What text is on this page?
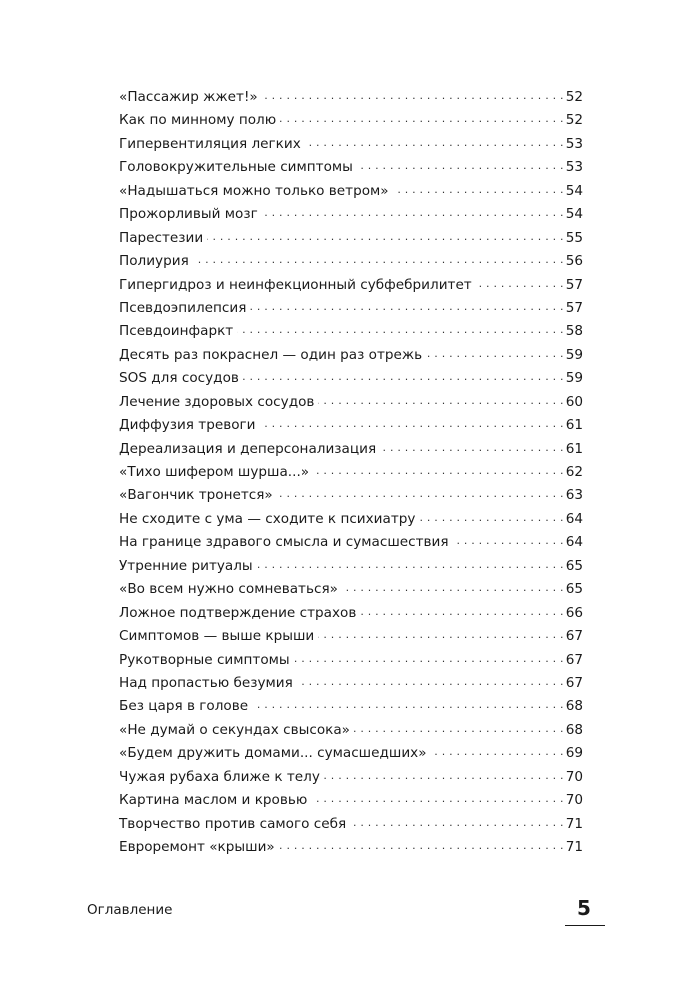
«Пассажир жжет!» . . .	52
Как по минному полю . . .	52
Гипервентиляция легких . . .	53
Головокружительные симптомы . . .	53
«Надышаться можно только ветром» . . .	54
Прожорливый мозг . . .	54
Парестезии . . .	55
Полиурия . . .	56
Гипергидроз и неинфекционный субфебрилитет . . .	57
Псевдоэпилепсия . . .	57
Псевдоинфаркт . . .	58
Десять раз покраснел — один раз отрежь . . .	59
SOS для сосудов . . .	59
Лечение здоровых сосудов . . .	60
Диффузия тревоги . . .	61
Дереализация и деперсонализация . . .	61
«Тихо шифером шурша...» . . .	62
«Вагончик тронется» . . .	63
Не сходите с ума — сходите к психиатру . . .	64
На границе здравого смысла и сумасшествия . . .	64
Утренние ритуалы . . .	65
«Во всем нужно сомневаться» . . .	65
Ложное подтверждение страхов . . .	66
Симптомов — выше крыши . . .	67
Рукотворные симптомы . . .	67
Над пропастью безумия . . .	67
Без царя в голове . . .	68
«Не думай о секундах свысока» . . .	68
«Будем дружить домами... сумасшедших» . . .	69
Чужая рубаха ближе к телу . . .	70
Картина маслом и кровью . . .	70
Творчество против самого себя . . .	71
Евроремонт «крыши» . . .	71
Оглавление	5
